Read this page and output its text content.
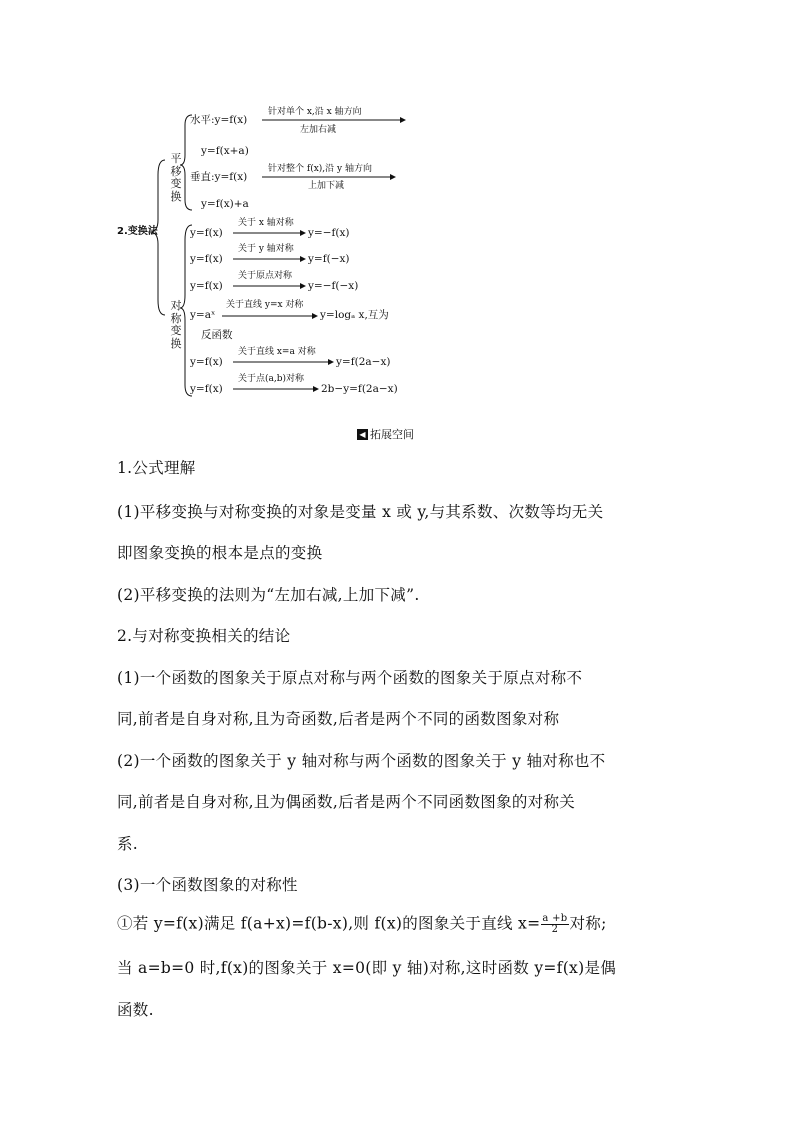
2.变换法
平移变换
对称变换
水平:y=f(x)
针对单个 x,沿 x 轴方向
左加右减
y=f(x+a)
垂直:y=f(x)
针对整个 f(x),沿 y 轴方向
上加下减
y=f(x)+a
y=f(x)
关于 x 轴对称
y=−f(x)
y=f(x)
关于 y 轴对称
y=f(−x)
y=f(x)
关于原点对称
y=−f(−x)
y=aˣ
关于直线 y=x 对称
y=logₐ x,互为
反函数
y=f(x)
关于直线 x=a 对称
y=f(2a−x)
y=f(x)
关于点(a,b)对称
2b−y=f(2a−x)
◀ 拓展空间
1.公式理解
(1)平移变换与对称变换的对象是变量 x 或 y,与其系数、次数等均无关
即图象变换的根本是点的变换
(2)平移变换的法则为“左加右减,上加下减”.
2.与对称变换相关的结论
(1)一个函数的图象关于原点对称与两个函数的图象关于原点对称不
同,前者是自身对称,且为奇函数,后者是两个不同的函数图象对称
(2)一个函数的图象关于 y 轴对称与两个函数的图象关于 y 轴对称也不
同,前者是自身对称,且为偶函数,后者是两个不同函数图象的对称关
系.
(3)一个函数图象的对称性
①若 y=f(x)满足 f(a+x)=f(b-x),则 f(x)的图象关于直线 $x= \frac{a +b}{2}$ 对称;
当 a=b=0 时,f(x)的图象关于 x=0(即 y 轴)对称,这时函数 y=f(x)是偶
函数.
